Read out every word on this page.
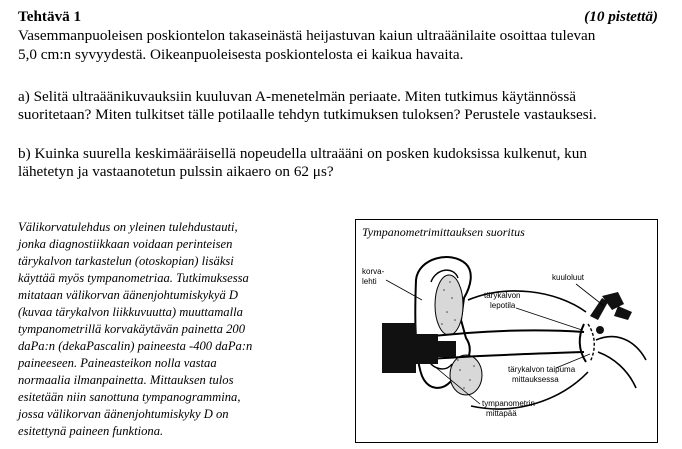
Tehtävä 1	(10 pistettä)
Vasemmanpuoleisen poskiontelon takaseinästä heijastuvan kaiun ultraäänilaite osoittaa tulevan
5,0 cm:n syvyydestä. Oikeanpuoleisesta poskiontelosta ei kaikua havaita.
a) Selitä ultraäänikuvauksiin kuuluvan A-menetelmän periaate. Miten tutkimus käytännössä
suoritetaan? Miten tulkitset tälle potilaalle tehdyn tutkimuksen tuloksen? Perustele vastauksesi.
b) Kuinka suurella keskimääräisellä nopeudella ultraääni on posken kudoksissa kulkenut, kun
lähetetyn ja vastaanotetun pulssin aikaero on 62 μs?
Välikorvatulehdus on yleinen tulehdustauti,
jonka diagnostiikkaan voidaan perinteisen
tärykalvon tarkastelun (otoskopian) lisäksi
käyttää myös tympanometriaa. Tutkimuksessa
mitataan välikorvan äänenjohtumiskykyä D
(kuvaa tärykalvon liikkuvuutta) muuttamalla
tympanometrillä korvakäytävän painetta 200
daPa:n (dekaPascalin) paineesta -400 daPa:n
paineeseen. Paineasteikon nolla vastaa
normaalia ilmanpainetta. Mittauksen tulos
esitetään niin sanottuna tympanogrammina,
jossa välikorvan äänenjohtumiskyky D on
esitettynä paineen funktiona.
Tympanometrimittauksen suoritus
korva-
lehti	kuuloluut
tärykalvon
lepotila
tärykalvon taipuma
mittauksessa
tympanometrin
mittapää
